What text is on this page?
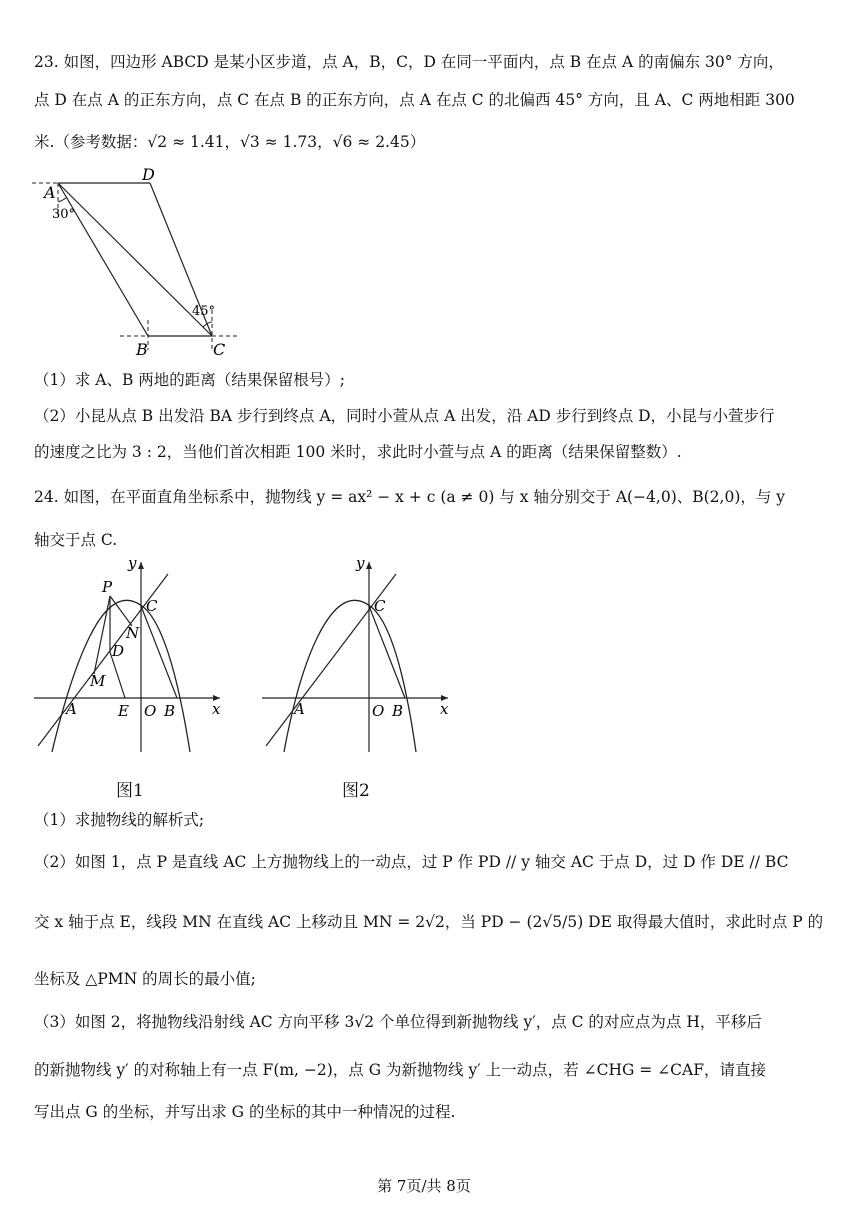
23. 如图，四边形 ABCD 是某小区步道，点 A，B，C，D 在同一平面内，点 B 在点 A 的南偏东 30° 方向，
点 D 在点 A 的正东方向，点 C 在点 B 的正东方向，点 A 在点 C 的北偏西 45° 方向，且 A、C 两地相距 300
米.（参考数据：√2 ≈ 1.41，√3 ≈ 1.73，√6 ≈ 2.45）
A
D
B	C
30°
45°
（1）求 A、B 两地的距离（结果保留根号）;
（2）小昆从点 B 出发沿 BA 步行到终点 A，同时小萱从点 A 出发，沿 AD 步行到终点 D，小昆与小萱步行
的速度之比为 3 : 2，当他们首次相距 100 米时，求此时小萱与点 A 的距离（结果保留整数）.
24. 如图，在平面直角坐标系中，抛物线 y = ax² − x + c (a ≠ 0) 与 x 轴分别交于 A(−4,0)、B(2,0)，与 y
轴交于点 C.
y
x
P
C
N
D
M
A	E O B
y
x
C
A	O B
图1	图2
（1）求抛物线的解析式;
（2）如图 1，点 P 是直线 AC 上方抛物线上的一动点，过 P 作 PD // y 轴交 AC 于点 D，过 D 作 DE // BC
交 x 轴于点 E，线段 MN 在直线 AC 上移动且 MN = 2√2，当 PD − (2√5/5) DE 取得最大值时，求此时点 P 的
坐标及 △PMN 的周长的最小值;
（3）如图 2，将抛物线沿射线 AC 方向平移 3√2 个单位得到新抛物线 y′，点 C 的对应点为点 H，平移后
的新抛物线 y′ 的对称轴上有一点 F(m, −2)，点 G 为新抛物线 y′ 上一动点，若 ∠CHG = ∠CAF，请直接
写出点 G 的坐标，并写出求 G 的坐标的其中一种情况的过程.
第 7页/共 8页
